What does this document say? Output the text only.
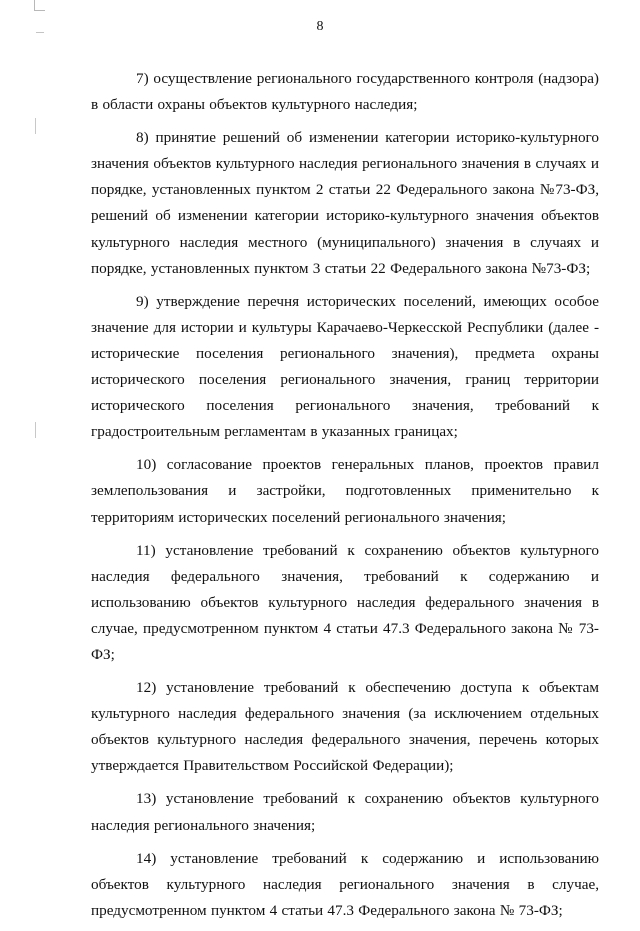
8

7) осуществление регионального государственного контроля (надзора) в области охраны объектов культурного наследия;

8) принятие решений об изменении категории историко-культурного значения объектов культурного наследия регионального значения в случаях и порядке, установленных пунктом 2 статьи 22 Федерального закона №73-ФЗ, решений об изменении категории историко-культурного значения объектов культурного наследия местного (муниципального) значения в случаях и порядке, установленных пунктом 3 статьи 22 Федерального закона №73-ФЗ;

9) утверждение перечня исторических поселений, имеющих особое значение для истории и культуры Карачаево-Черкесской Республики (далее - исторические поселения регионального значения), предмета охраны исторического поселения регионального значения, границ территории исторического поселения регионального значения, требований к градостроительным регламентам в указанных границах;

10) согласование проектов генеральных планов, проектов правил землепользования и застройки, подготовленных применительно к территориям исторических поселений регионального значения;

11) установление требований к сохранению объектов культурного наследия федерального значения, требований к содержанию и использованию объектов культурного наследия федерального значения в случае, предусмотренном пунктом 4 статьи 47.3 Федерального закона № 73-ФЗ;

12) установление требований к обеспечению доступа к объектам культурного наследия федерального значения (за исключением отдельных объектов культурного наследия федерального значения, перечень которых утверждается Правительством Российской Федерации);

13) установление требований к сохранению объектов культурного наследия регионального значения;

14) установление требований к содержанию и использованию объектов культурного наследия регионального значения в случае, предусмотренном пунктом 4 статьи 47.3 Федерального закона № 73-ФЗ;
